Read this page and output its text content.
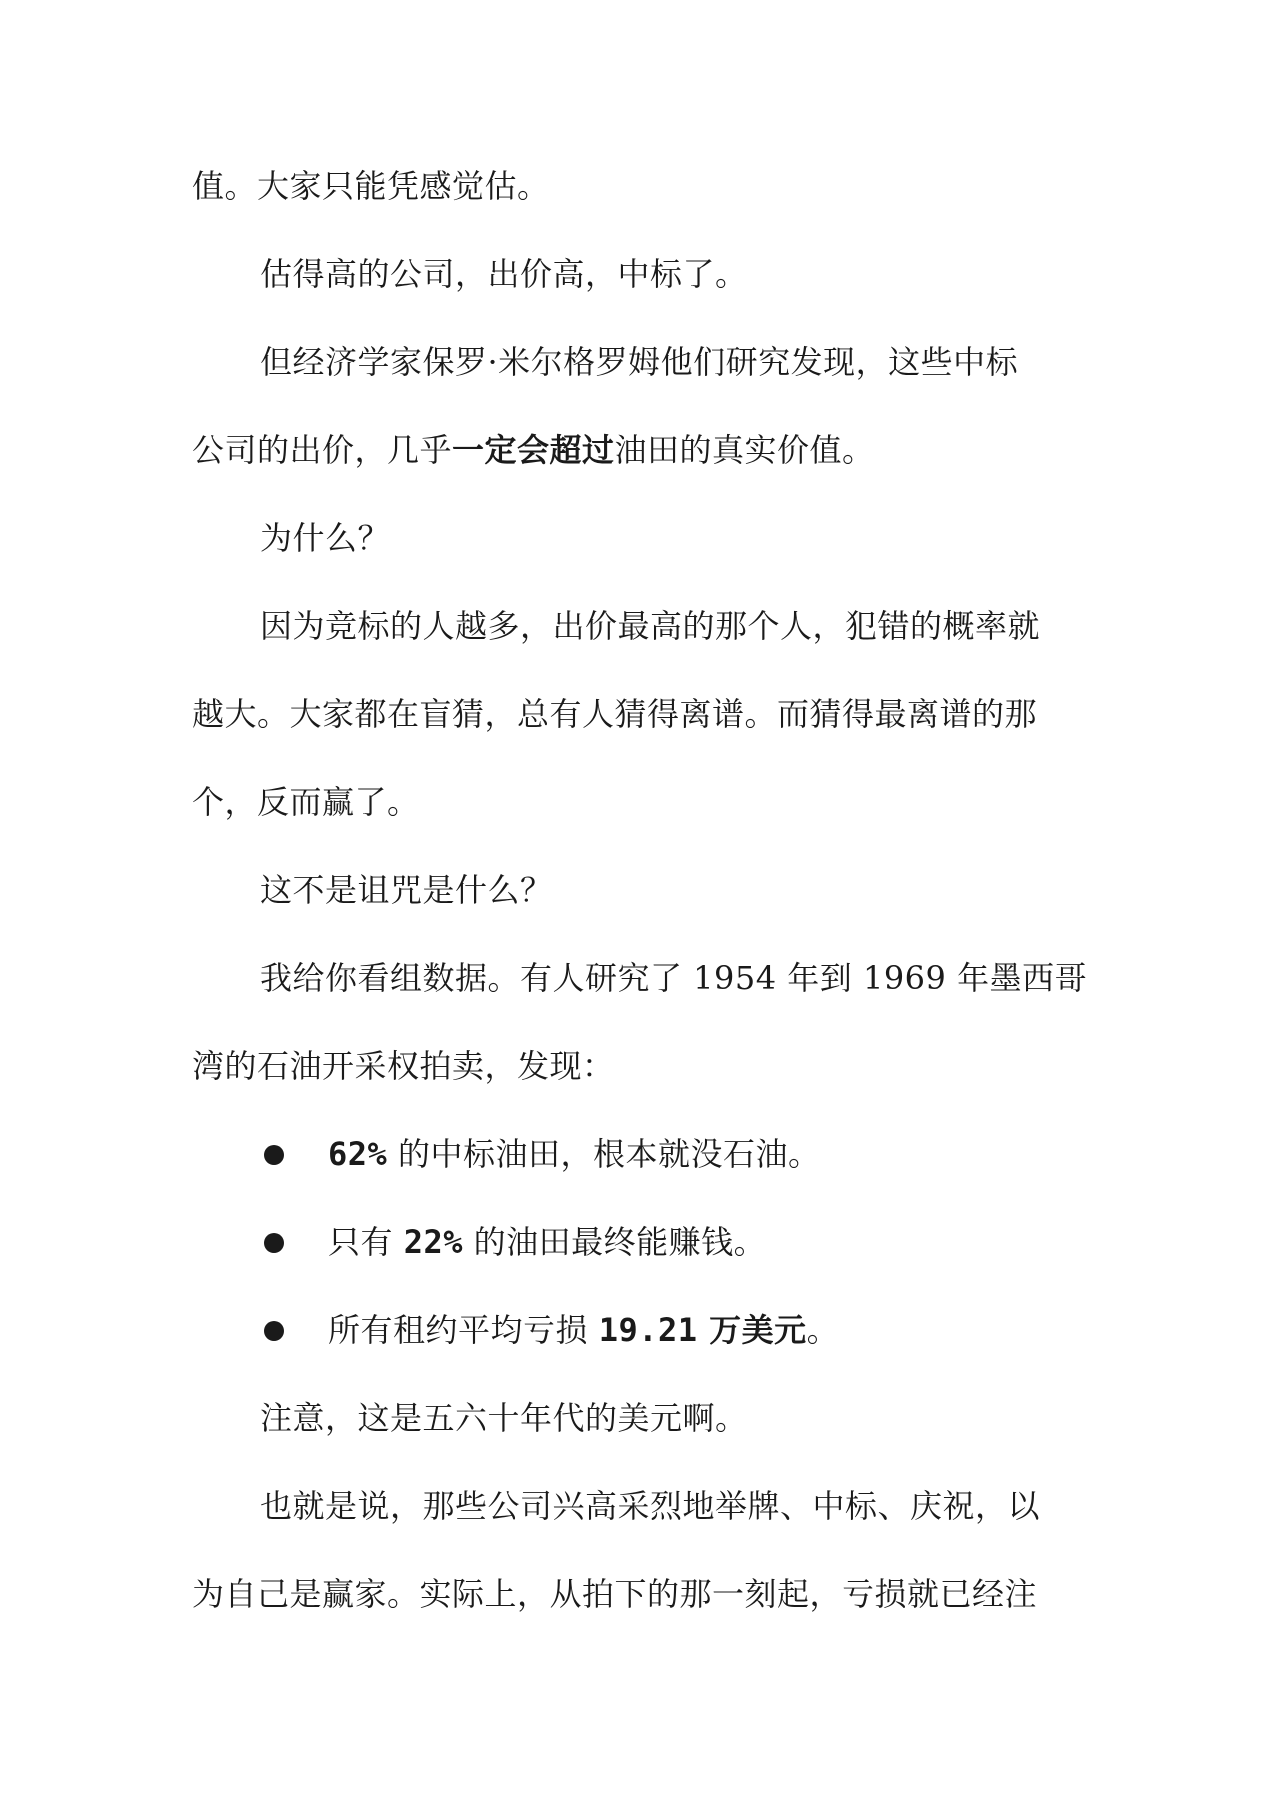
值。大家只能凭感觉估。
估得高的公司，出价高，中标了。
但经济学家保罗·米尔格罗姆他们研究发现，这些中标
公司的出价，几乎一定会超过油田的真实价值。
为什么？
因为竞标的人越多，出价最高的那个人，犯错的概率就
越大。大家都在盲猜，总有人猜得离谱。而猜得最离谱的那
个，反而赢了。
这不是诅咒是什么？
我给你看组数据。有人研究了 1954 年到 1969 年墨西哥
湾的石油开采权拍卖，发现：
62% 的中标油田，根本就没石油。
只有 22% 的油田最终能赚钱。
所有租约平均亏损 19.21 万美元。
注意，这是五六十年代的美元啊。
也就是说，那些公司兴高采烈地举牌、中标、庆祝，以
为自己是赢家。实际上，从拍下的那一刻起，亏损就已经注
